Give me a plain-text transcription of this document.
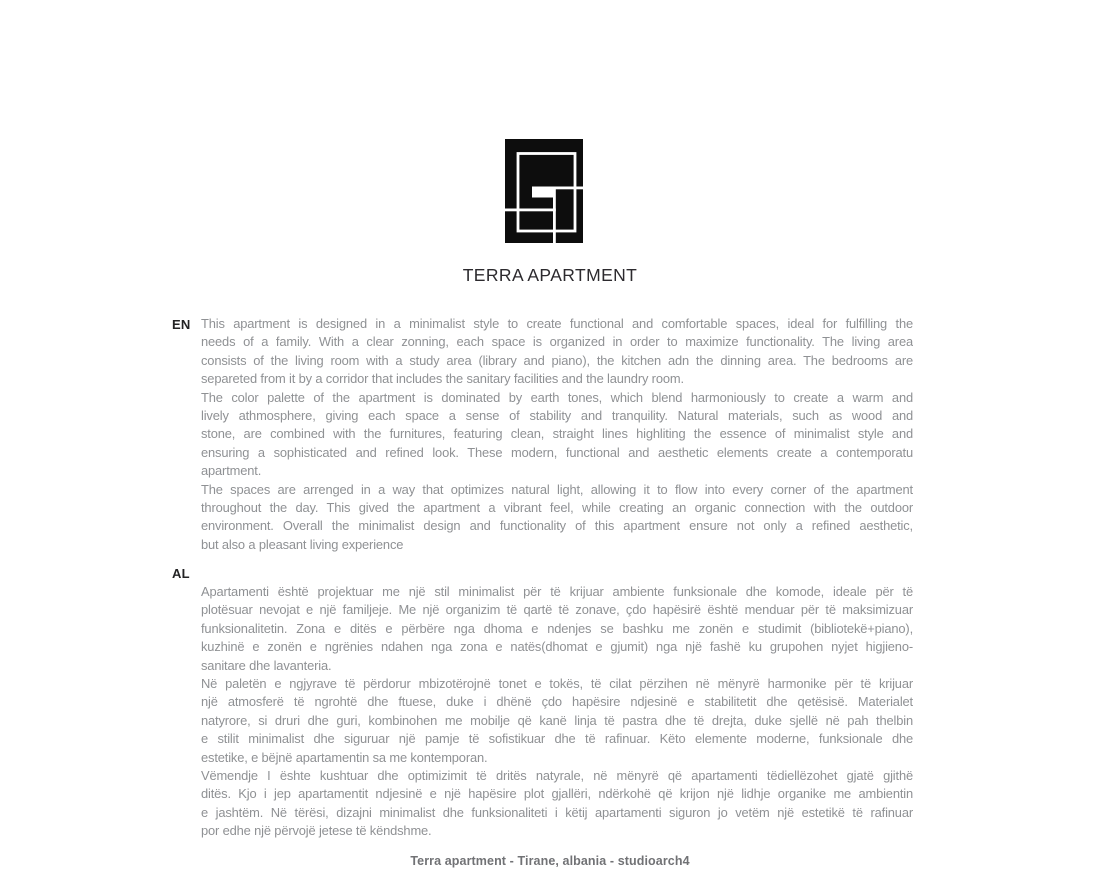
TERRA APARTMENT
EN This apartment is designed in a minimalist style to create functional and comfortable spaces, ideal for fulfilling the
needs of a family. With a clear zonning, each space is organized in order to maximize functionality. The living area
consists of the living room with a study area (library and piano), the kitchen adn the dinning area. The bedrooms are
separeted from it by a corridor that includes the sanitary facilities and the laundry room.
The color palette of the apartment is dominated by earth tones, which blend harmoniously to create a warm and
lively athmosphere, giving each space a sense of stability and tranquility. Natural materials, such as wood and
stone, are combined with the furnitures, featuring clean, straight lines highliting the essence of minimalist style and
ensuring a sophisticated and refined look. These modern, functional and aesthetic elements create a contemporatu
apartment.
The spaces are arrenged in a way that optimizes natural light, allowing it to flow into every corner of the apartment
throughout the day. This gived the apartment a vibrant feel, while creating an organic connection with the outdoor
environment. Overall the minimalist design and functionality of this apartment ensure not only a refined aesthetic,
but also a pleasant living experience
AL
Apartamenti është projektuar me një stil minimalist për të krijuar ambiente funksionale dhe komode, ideale për të
plotësuar nevojat e një familjeje. Me një organizim të qartë të zonave, çdo hapësirë është menduar për të maksimizuar
funksionalitetin. Zona e ditës e përbëre nga dhoma e ndenjes se bashku me zonën e studimit (bibliotekë+piano),
kuzhinë e zonën e ngrënies ndahen nga zona e natës(dhomat e gjumit) nga një fashë ku grupohen nyjet higjieno-
sanitare dhe lavanteria.
Në paletën e ngjyrave të përdorur mbizotërojnë tonet e tokës, të cilat përzihen në mënyrë harmonike për të krijuar
një atmosferë të ngrohtë dhe ftuese, duke i dhënë çdo hapësire ndjesinë e stabilitetit dhe qetësisë. Materialet
natyrore, si druri dhe guri, kombinohen me mobilje që kanë linja të pastra dhe të drejta, duke sjellë në pah thelbin
e stilit minimalist dhe siguruar një pamje të sofistikuar dhe të rafinuar. Këto elemente moderne, funksionale dhe
estetike, e bëjnë apartamentin sa me kontemporan.
Vëmendje I ështe kushtuar dhe optimizimit të dritës natyrale, në mënyrë që apartamenti tëdiellëzohet gjatë gjithë
ditës. Kjo i jep apartamentit ndjesinë e një hapësire plot gjallëri, ndërkohë që krijon një lidhje organike me ambientin
e jashtëm. Në tërësi, dizajni minimalist dhe funksionaliteti i këtij apartamenti siguron jo vetëm një estetikë të rafinuar
por edhe një përvojë jetese të këndshme.
Terra apartment - Tirane, albania - studioarch4
